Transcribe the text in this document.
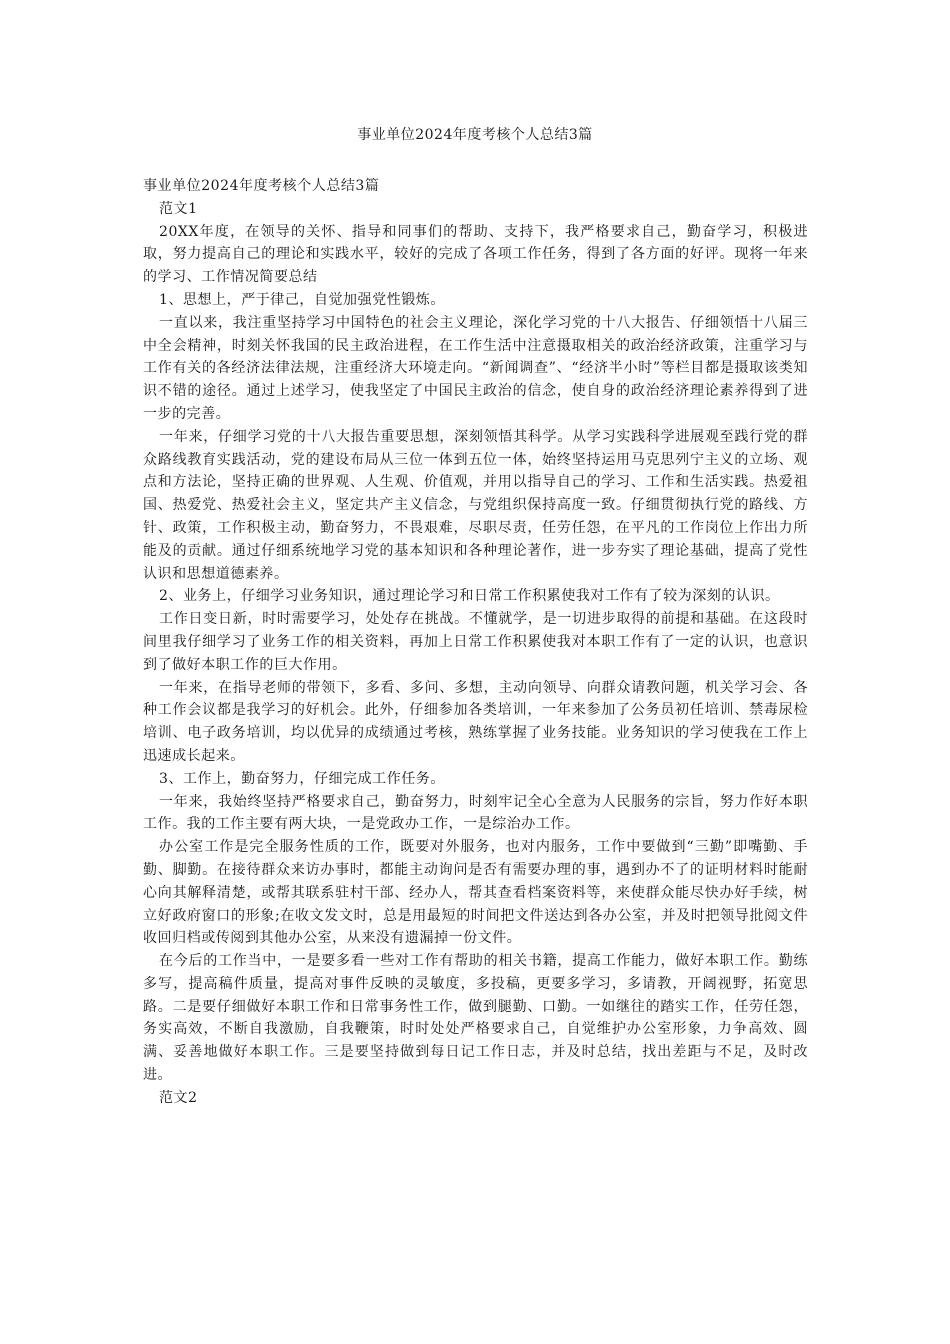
事业单位2024年度考核个人总结3篇

事业单位2024年度考核个人总结3篇

范文1

20XX年度，在领导的关怀、指导和同事们的帮助、支持下，我严格要求自己，勤奋学习，积极进取，努力提高自己的理论和实践水平，较好的完成了各项工作任务，得到了各方面的好评。现将一年来的学习、工作情况简要总结

1、思想上，严于律己，自觉加强党性锻炼。

一直以来，我注重坚持学习中国特色的社会主义理论，深化学习党的十八大报告、仔细领悟十八届三中全会精神，时刻关怀我国的民主政治进程，在工作生活中注意摄取相关的政治经济政策，注重学习与工作有关的各经济法律法规，注重经济大环境走向。“新闻调查”、“经济半小时”等栏目都是摄取该类知识不错的途径。通过上述学习，使我坚定了中国民主政治的信念，使自身的政治经济理论素养得到了进一步的完善。

一年来，仔细学习党的十八大报告重要思想，深刻领悟其科学。从学习实践科学进展观至践行党的群众路线教育实践活动，党的建设布局从三位一体到五位一体，始终坚持运用马克思列宁主义的立场、观点和方法论，坚持正确的世界观、人生观、价值观，并用以指导自己的学习、工作和生活实践。热爱祖国、热爱党、热爱社会主义，坚定共产主义信念，与党组织保持高度一致。仔细贯彻执行党的路线、方针、政策，工作积极主动，勤奋努力，不畏艰难，尽职尽责，任劳任怨，在平凡的工作岗位上作出力所能及的贡献。通过仔细系统地学习党的基本知识和各种理论著作，进一步夯实了理论基础，提高了党性认识和思想道德素养。

2、业务上，仔细学习业务知识，通过理论学习和日常工作积累使我对工作有了较为深刻的认识。

工作日变日新，时时需要学习，处处存在挑战。不懂就学，是一切进步取得的前提和基础。在这段时间里我仔细学习了业务工作的相关资料，再加上日常工作积累使我对本职工作有了一定的认识，也意识到了做好本职工作的巨大作用。

一年来，在指导老师的带领下，多看、多问、多想，主动向领导、向群众请教问题，机关学习会、各种工作会议都是我学习的好机会。此外，仔细参加各类培训，一年来参加了公务员初任培训、禁毒尿检培训、电子政务培训，均以优异的成绩通过考核，熟练掌握了业务技能。业务知识的学习使我在工作上迅速成长起来。

3、工作上，勤奋努力，仔细完成工作任务。

一年来，我始终坚持严格要求自己，勤奋努力，时刻牢记全心全意为人民服务的宗旨，努力作好本职工作。我的工作主要有两大块，一是党政办工作，一是综治办工作。

办公室工作是完全服务性质的工作，既要对外服务，也对内服务，工作中要做到“三勤”即嘴勤、手勤、脚勤。在接待群众来访办事时，都能主动询问是否有需要办理的事，遇到办不了的证明材料时能耐心向其解释清楚，或帮其联系驻村干部、经办人，帮其查看档案资料等，来使群众能尽快办好手续，树立好政府窗口的形象;在收文发文时，总是用最短的时间把文件送达到各办公室，并及时把领导批阅文件收回归档或传阅到其他办公室，从来没有遗漏掉一份文件。

在今后的工作当中，一是要多看一些对工作有帮助的相关书籍，提高工作能力，做好本职工作。勤练多写，提高稿件质量，提高对事件反映的灵敏度，多投稿，更要多学习，多请教，开阔视野，拓宽思路。二是要仔细做好本职工作和日常事务性工作，做到腿勤、口勤。一如继往的踏实工作，任劳任怨，务实高效，不断自我激励，自我鞭策，时时处处严格要求自己，自觉维护办公室形象，力争高效、圆满、妥善地做好本职工作。三是要坚持做到每日记工作日志，并及时总结，找出差距与不足，及时改进。

范文2
